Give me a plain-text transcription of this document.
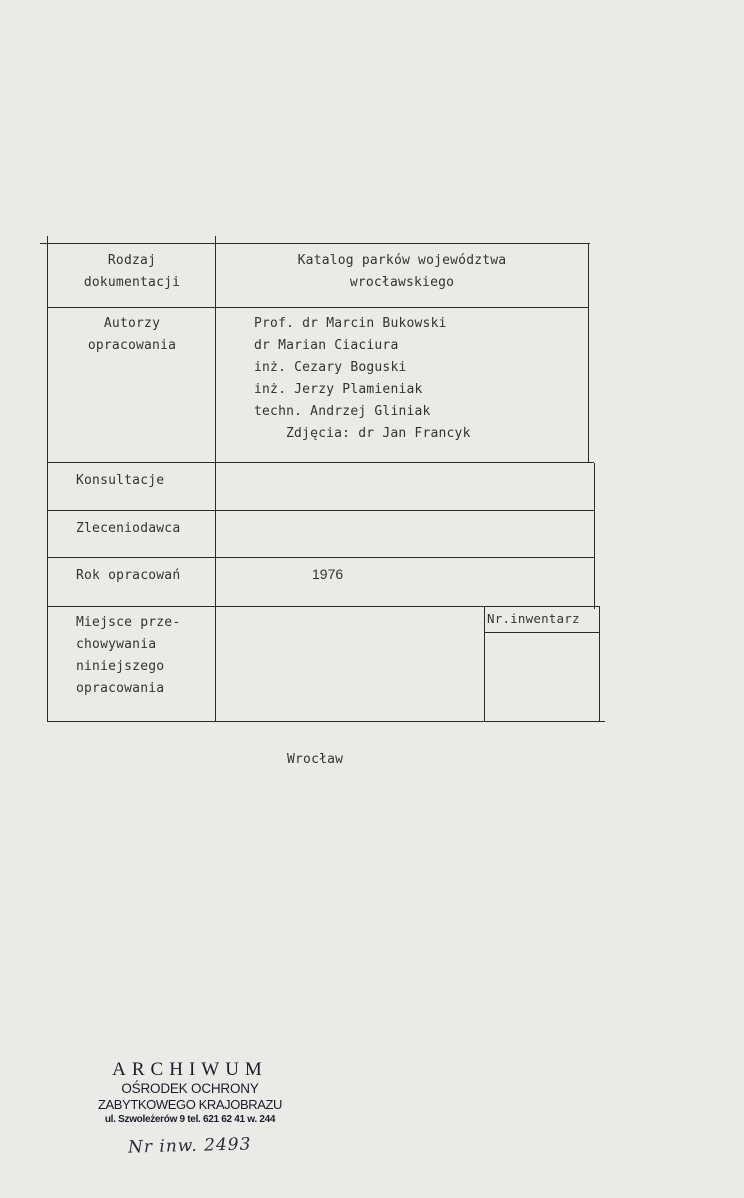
Rodzaj
dokumentacji
Katalog parków województwa
wrocławskiego
Autorzy
opracowania
Prof. dr Marcin Bukowski
dr Marian Ciaciura
inż. Cezary Boguski
inż. Jerzy Plamieniak
techn. Andrzej Gliniak
Zdjęcia: dr Jan Francyk
Konsultacje
Zleceniodawca
Rok opracowań	1976
Miejsce prze-
chowywania
niniejszego
opracowania
Nr.inwentarz
Wrocław
ARCHIWUM
OŚRODEK OCHRONY
ZABYTKOWEGO KRAJOBRAZU
ul. Szwoleżerów 9 tel. 621 62 41 w. 244
Nr inw. 2493
